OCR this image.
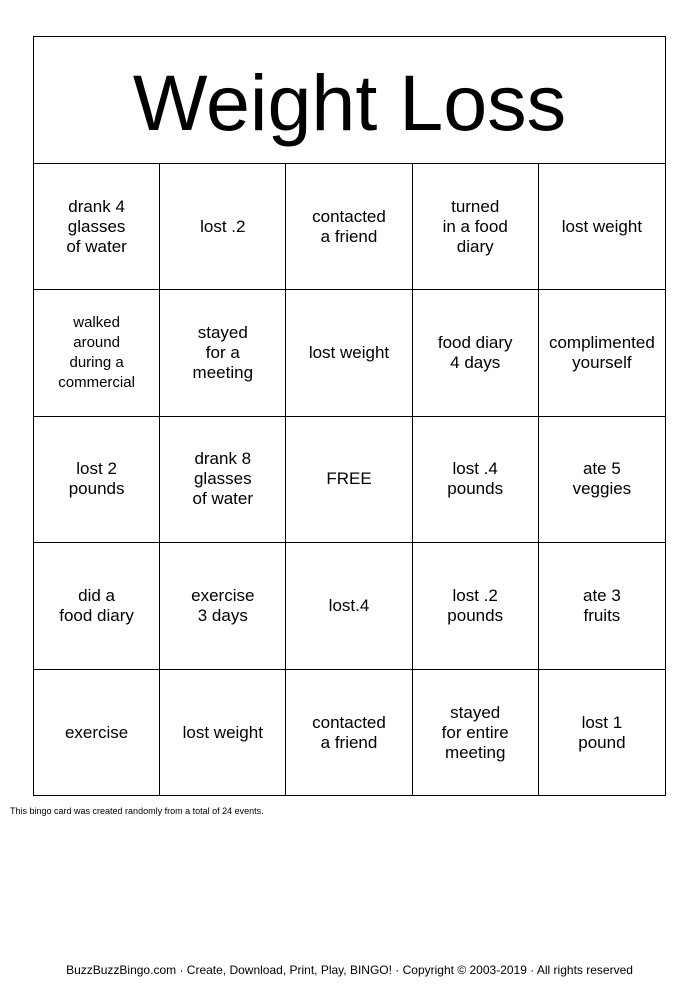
Weight Loss
drank 4
glasses
of water
lost .2
contacted
a friend
turned
in a food
diary
lost weight
walked
around
during a
commercial
stayed
for a
meeting
lost weight
food diary
4 days
complimented
yourself
lost 2
pounds
drank 8
glasses
of water
FREE
lost .4
pounds
ate 5
veggies
did a
food diary
exercise
3 days
lost.4
lost .2
pounds
ate 3
fruits
exercise	lost weight
contacted
a friend
stayed
for entire
meeting
lost 1
pound
This bingo card was created randomly from a total of 24 events.
BuzzBuzzBingo.com · Create, Download, Print, Play, BINGO! · Copyright © 2003-2019 · All rights reserved
